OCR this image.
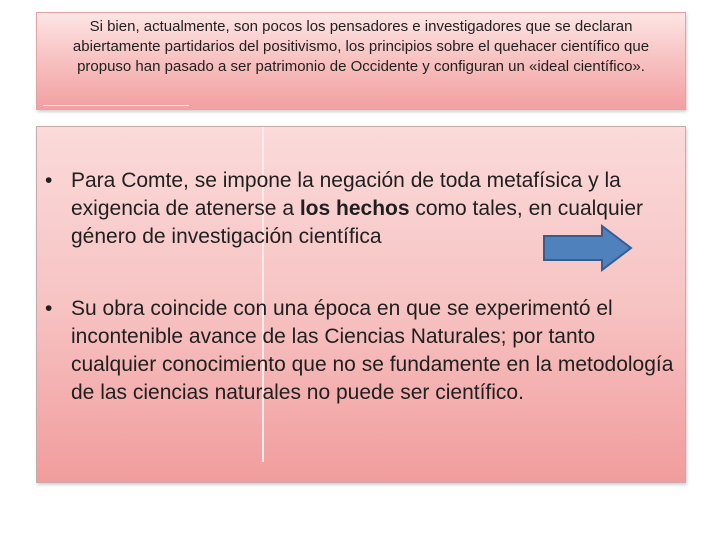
Si bien, actualmente, son pocos los pensadores e investigadores que se declaran abiertamente partidarios del positivismo, los principios sobre el quehacer científico que propuso han pasado a ser patrimonio de Occidente y configuran un «ideal científico».
• Para Comte, se impone la negación de toda metafísica y la exigencia de atenerse a los hechos como tales, en cualquier género de investigación científica
• Su obra coincide con una época en que se experimentó el incontenible avance de las Ciencias Naturales; por tanto cualquier conocimiento que no se fundamente en la metodología de las ciencias naturales no puede ser científico.
